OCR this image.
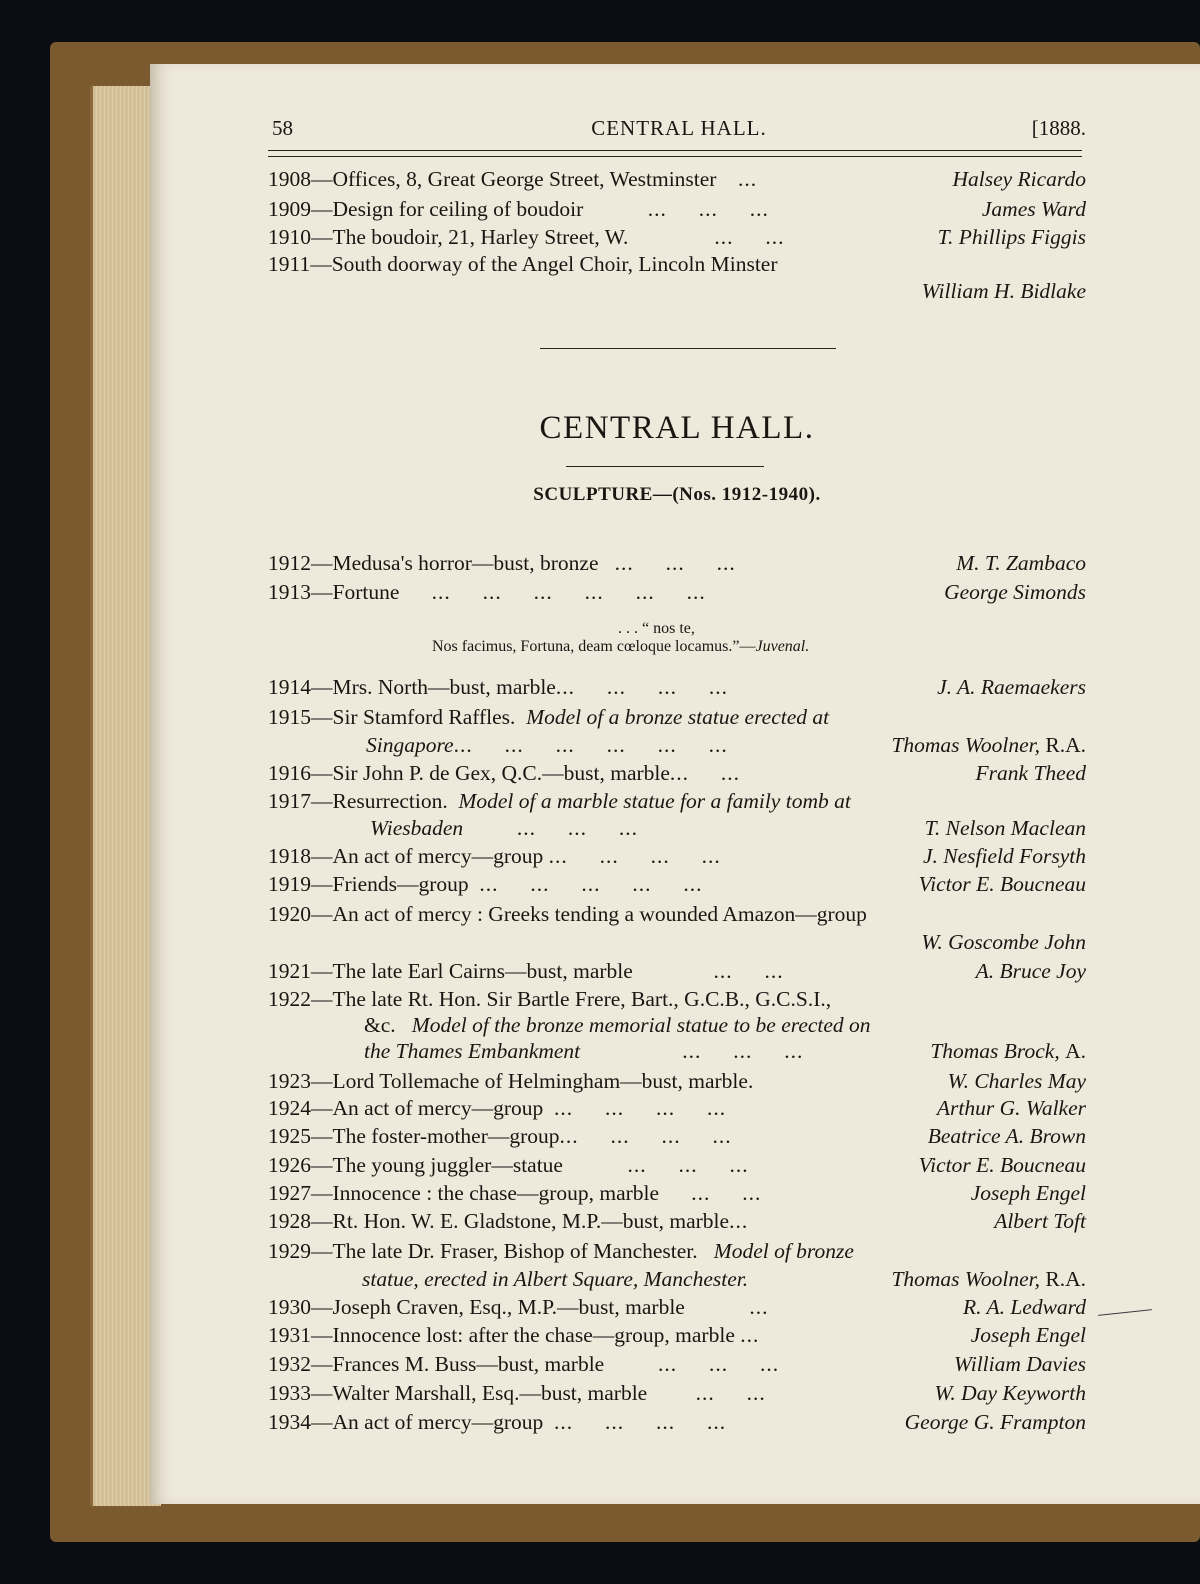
58	CENTRAL HALL.	[1888.
1908—Offices, 8, Great George Street, Westminster ...	Halsey Ricardo
1909—Design for ceiling of boudoir	...     ...     ...	James Ward
1910—The boudoir, 21, Harley Street, W.	...     ...	T. Phillips Figgis
1911—South doorway of the Angel Choir, Lincoln Minster
William H. Bidlake
CENTRAL HALL.
SCULPTURE—(Nos. 1912-1940).
1912—Medusa's horror—bust, bronze ...     ...     ...	M. T. Zambaco
1913—Fortune ...     ...     ...     ...     ...     ...	George Simonds
. . . “ nos te,
Nos facimus, Fortuna, deam cœloque locamus.”—Juvenal.
1914—Mrs. North—bust, marble...     ...     ...     ...	J. A. Raemaekers
1915—Sir Stamford Raffles. Model of a bronze statue erected at
Singapore...     ...     ...     ...     ...     ...	Thomas Woolner, R.A.
1916—Sir John P. de Gex, Q.C.—bust, marble...     ...	Frank Theed
1917—Resurrection. Model of a marble statue for a family tomb at
Wiesbaden	...     ...     ...	T. Nelson Maclean
1918—An act of mercy—group ...     ...     ...     ...	J. Nesfield Forsyth
1919—Friends—group ...     ...     ...     ...     ...	Victor E. Boucneau
1920—An act of mercy : Greeks tending a wounded Amazon—group
W. Goscombe John
1921—The late Earl Cairns—bust, marble	...     ...	A. Bruce Joy
1922—The late Rt. Hon. Sir Bartle Frere, Bart., G.C.B., G.C.S.I.,
&c. Model of the bronze memorial statue to be erected on
the Thames Embankment	...     ...     ...	Thomas Brock, A.
1923—Lord Tollemache of Helmingham—bust, marble.	W. Charles May
1924—An act of mercy—group ...     ...     ...     ...	Arthur G. Walker
1925—The foster-mother—group...     ...     ...     ...	Beatrice A. Brown
1926—The young juggler—statue	...     ...     ...	Victor E. Boucneau
1927—Innocence : the chase—group, marble ...     ...	Joseph Engel
1928—Rt. Hon. W. E. Gladstone, M.P.—bust, marble...	Albert Toft
1929—The late Dr. Fraser, Bishop of Manchester. Model of bronze
statue, erected in Albert Square, Manchester.	Thomas Woolner, R.A.
1930—Joseph Craven, Esq., M.P.—bust, marble	...	R. A. Ledward
1931—Innocence lost: after the chase—group, marble ...	Joseph Engel
1932—Frances M. Buss—bust, marble	...     ...     ...	William Davies
1933—Walter Marshall, Esq.—bust, marble ...     ...	W. Day Keyworth
1934—An act of mercy—group ...     ...     ...     ...	George G. Frampton
